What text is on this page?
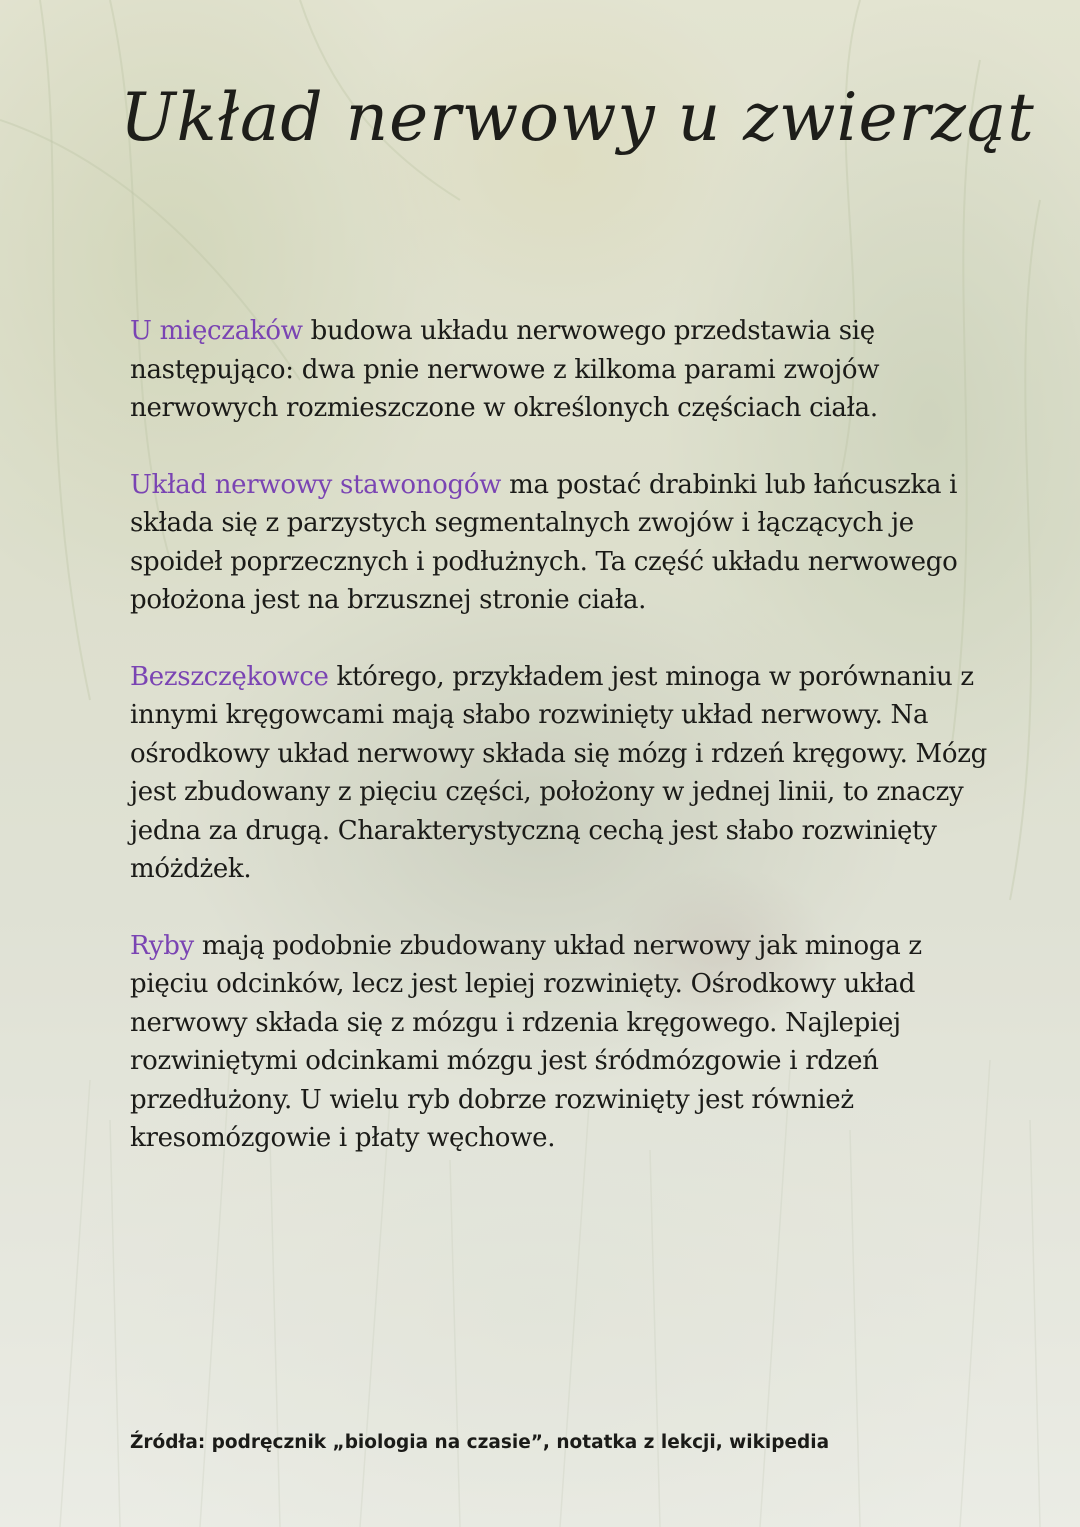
Układ nerwowy u zwierząt

U mięczaków budowa układu nerwowego przedstawia się następująco: dwa pnie nerwowe z kilkoma parami zwojów nerwowych rozmieszczone w określonych częściach ciała.

Układ nerwowy stawonogów ma postać drabinki lub łańcuszka i składa się z parzystych segmentalnych zwojów i łączących je spoideł poprzecznych i podłużnych. Ta część układu nerwowego położona jest na brzusznej stronie ciała.

Bezszczękowce którego, przykładem jest minoga w porównaniu z innymi kręgowcami mają słabo rozwinięty układ nerwowy. Na ośrodkowy układ nerwowy składa się mózg i rdzeń kręgowy. Mózg jest zbudowany z pięciu części, położony w jednej linii, to znaczy jedna za drugą. Charakterystyczną cechą jest słabo rozwinięty móżdżek.

Ryby mają podobnie zbudowany układ nerwowy jak minoga z pięciu odcinków, lecz jest lepiej rozwinięty. Ośrodkowy układ nerwowy składa się z mózgu i rdzenia kręgowego. Najlepiej rozwiniętymi odcinkami mózgu jest śródmózgowie i rdzeń przedłużony. U wielu ryb dobrze rozwinięty jest również kresomózgowie i płaty węchowe.

Źródła: podręcznik „biologia na czasie”, notatka z lekcji, wikipedia
